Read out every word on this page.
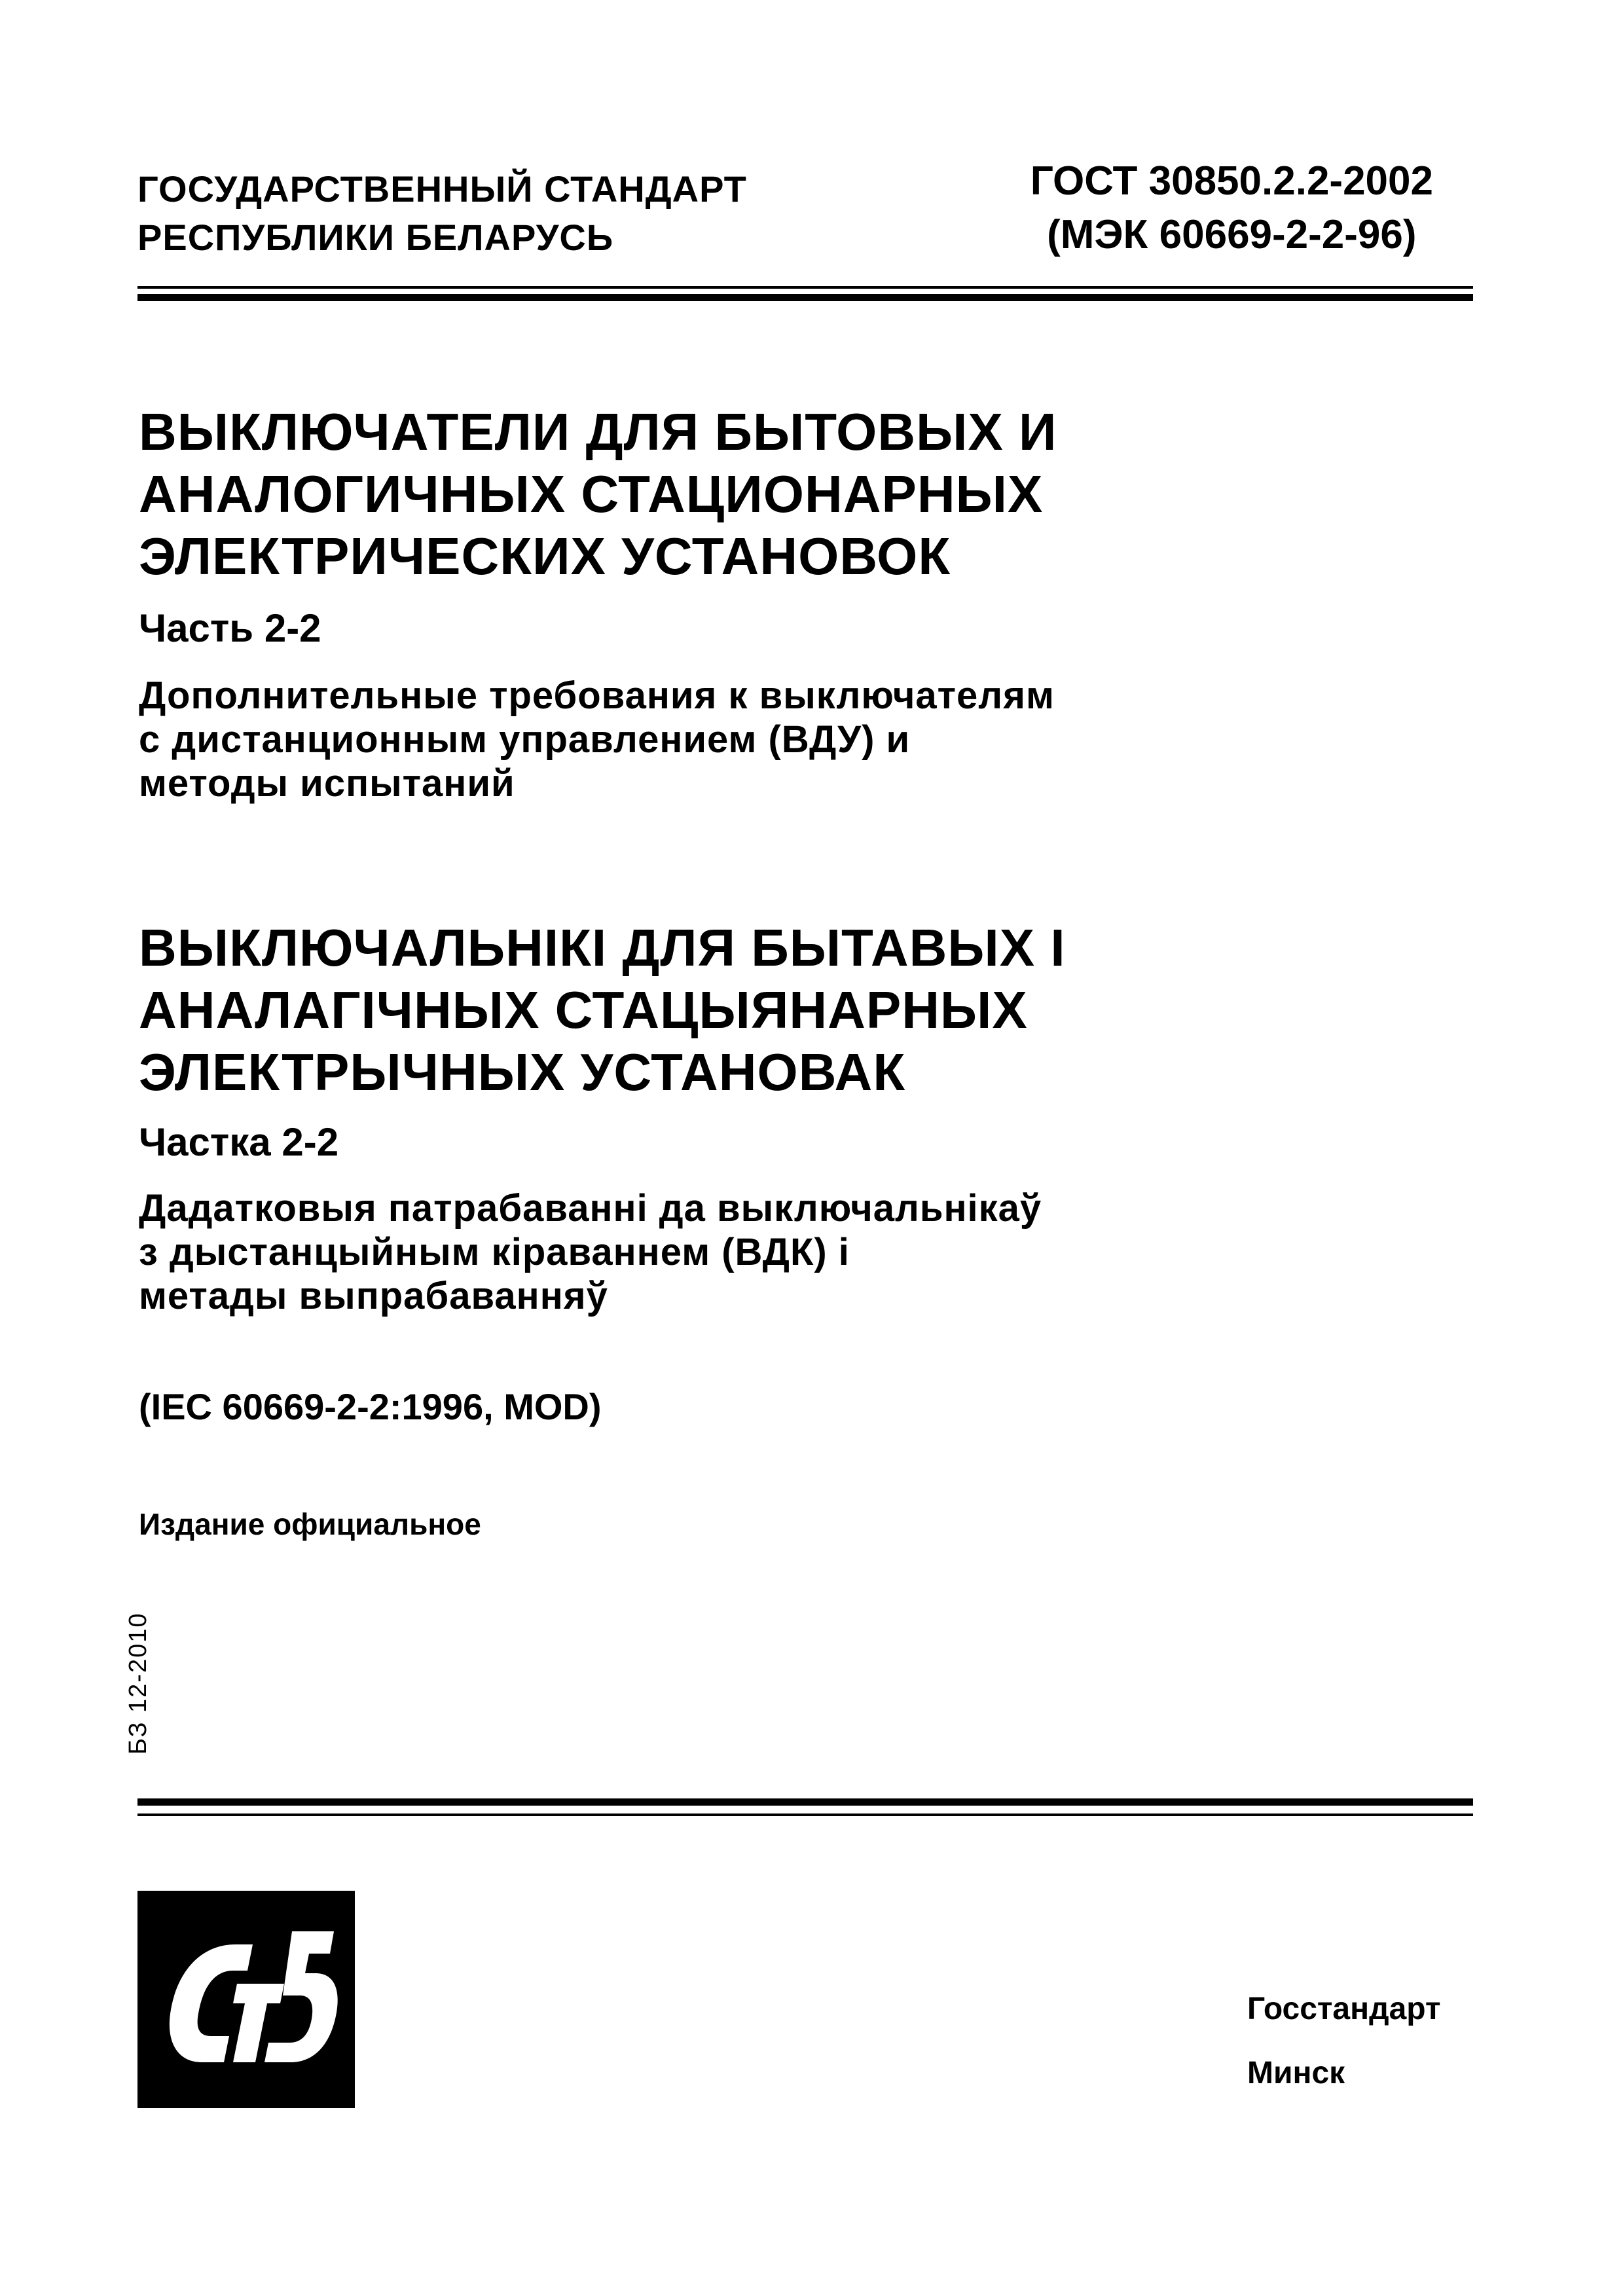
ГОСУДАРСТВЕННЫЙ СТАНДАРТ
РЕСПУБЛИКИ БЕЛАРУСЬ
ГОСТ 30850.2.2-2002
(МЭК 60669-2-2-96)
ВЫКЛЮЧАТЕЛИ ДЛЯ БЫТОВЫХ И
АНАЛОГИЧНЫХ СТАЦИОНАРНЫХ
ЭЛЕКТРИЧЕСКИХ УСТАНОВОК
Часть 2-2
Дополнительные требования к выключателям
с дистанционным управлением (ВДУ) и
методы испытаний
ВЫКЛЮЧАЛЬНІКІ ДЛЯ БЫТАВЫХ І
АНАЛАГІЧНЫХ СТАЦЫЯНАРНЫХ
ЭЛЕКТРЫЧНЫХ УСТАНОВАК
Частка 2-2
Дадатковыя патрабаванні да выключальнікаў
з дыстанцыйным кіраваннем (ВДК) і
метады выпрабаванняў
(IEC 60669-2-2:1996, MOD)
Издание официальное
БЗ 12-2010
Госстандарт
Минск
